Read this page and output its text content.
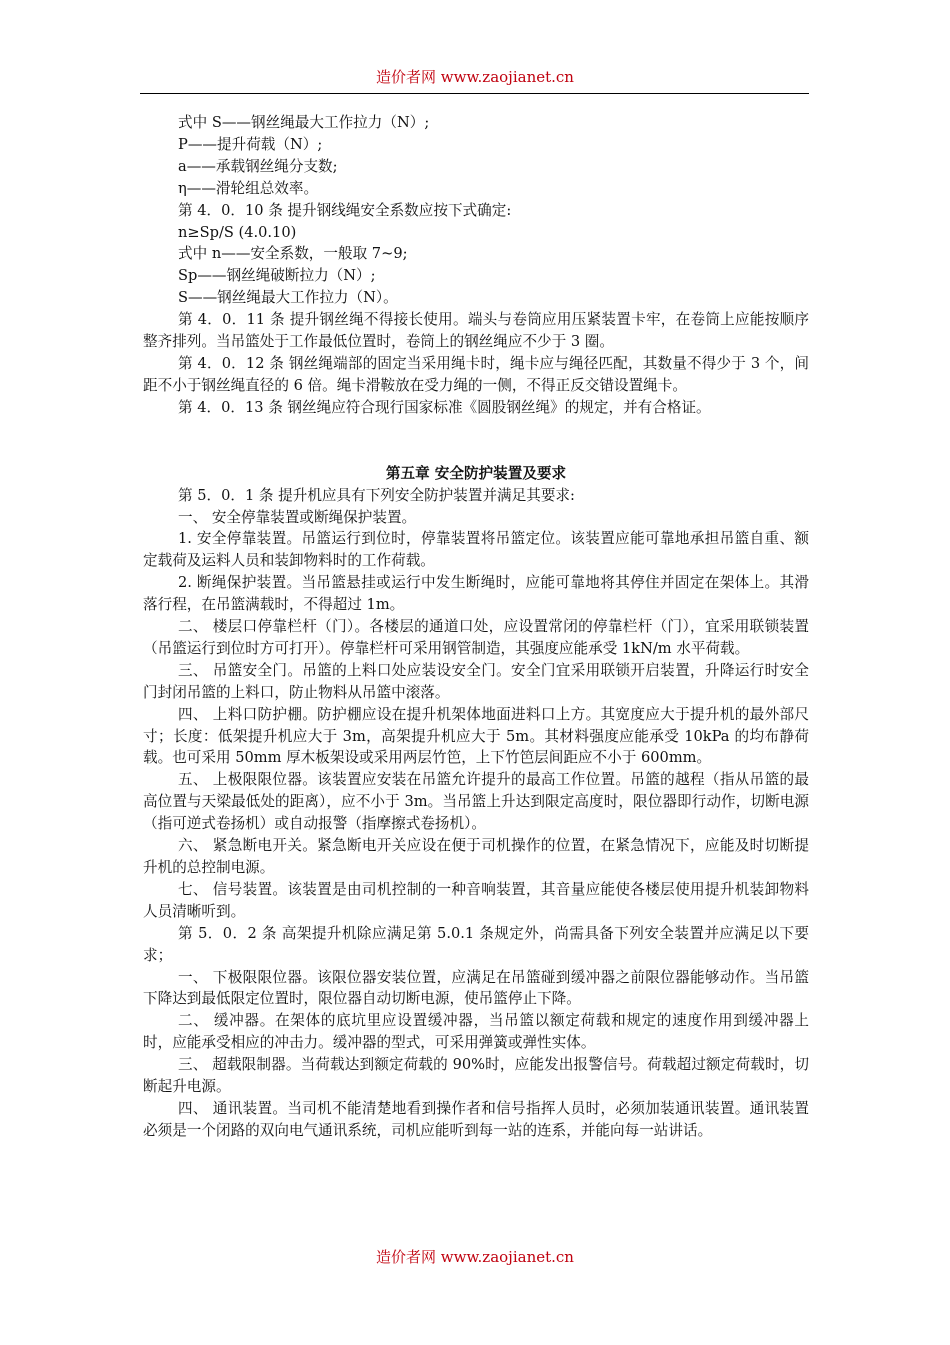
造价者网 www.zaojianet.cn

式中 S——钢丝绳最大工作拉力（N）;

P——提升荷载（N）;

a——承载钢丝绳分支数;

η——滑轮组总效率。

第 4．0．10 条 提升钢线绳安全系数应按下式确定:

n≥Sp/S (4.0.10)

式中 n——安全系数，一般取 7~9;

Sp——钢丝绳破断拉力（N）;

S——钢丝绳最大工作拉力（N）。

第 4．0．11 条 提升钢丝绳不得接长使用。端头与卷筒应用压紧装置卡牢，在卷筒上应能按顺序整齐排列。当吊篮处于工作最低位置时，卷筒上的钢丝绳应不少于 3 圈。

第 4．0．12 条 钢丝绳端部的固定当采用绳卡时，绳卡应与绳径匹配，其数量不得少于 3 个，间距不小于钢丝绳直径的 6 倍。绳卡滑鞍放在受力绳的一侧，不得正反交错设置绳卡。

第 4．0．13 条 钢丝绳应符合现行国家标准《圆股钢丝绳》的规定，并有合格证。

第五章 安全防护装置及要求

第 5．0．1 条 提升机应具有下列安全防护装置并满足其要求:

一、 安全停靠装置或断绳保护装置。

1. 安全停靠装置。吊篮运行到位时，停靠装置将吊篮定位。该装置应能可靠地承担吊篮自重、额定载荷及运料人员和装卸物料时的工作荷载。

2. 断绳保护装置。当吊篮悬挂或运行中发生断绳时，应能可靠地将其停住并固定在架体上。其滑落行程，在吊篮满载时，不得超过 1m。

二、 楼层口停靠栏杆（门）。各楼层的通道口处，应设置常闭的停靠栏杆（门），宜采用联锁装置（吊篮运行到位时方可打开）。停靠栏杆可采用钢管制造，其强度应能承受 1kN/m 水平荷载。

三、 吊篮安全门。吊篮的上料口处应装设安全门。安全门宜采用联锁开启装置，升降运行时安全门封闭吊篮的上料口，防止物料从吊篮中滚落。

四、 上料口防护棚。防护棚应设在提升机架体地面进料口上方。其宽度应大于提升机的最外部尺寸；长度：低架提升机应大于 3m，高架提升机应大于 5m。其材料强度应能承受 10kPa 的均布静荷载。也可采用 50mm 厚木板架设或采用两层竹笆，上下竹笆层间距应不小于 600mm。

五、 上极限限位器。该装置应安装在吊篮允许提升的最高工作位置。吊篮的越程（指从吊篮的最高位置与天梁最低处的距离），应不小于 3m。当吊篮上升达到限定高度时，限位器即行动作，切断电源（指可逆式卷扬机）或自动报警（指摩擦式卷扬机）。

六、 紧急断电开关。紧急断电开关应设在便于司机操作的位置，在紧急情况下，应能及时切断提升机的总控制电源。

七、 信号装置。该装置是由司机控制的一种音响装置，其音量应能使各楼层使用提升机装卸物料人员清晰听到。

第 5．0．2 条 高架提升机除应满足第 5.0.1 条规定外，尚需具备下列安全装置并应满足以下要求；

一、 下极限限位器。该限位器安装位置，应满足在吊篮碰到缓冲器之前限位器能够动作。当吊篮下降达到最低限定位置时，限位器自动切断电源，使吊篮停止下降。

二、 缓冲器。在架体的底坑里应设置缓冲器，当吊篮以额定荷载和规定的速度作用到缓冲器上时，应能承受相应的冲击力。缓冲器的型式，可采用弹簧或弹性实体。

三、 超载限制器。当荷载达到额定荷载的 90%时，应能发出报警信号。荷载超过额定荷载时，切断起升电源。

四、 通讯装置。当司机不能清楚地看到操作者和信号指挥人员时，必须加装通讯装置。通讯装置必须是一个闭路的双向电气通讯系统，司机应能听到每一站的连系，并能向每一站讲话。

造价者网 www.zaojianet.cn
